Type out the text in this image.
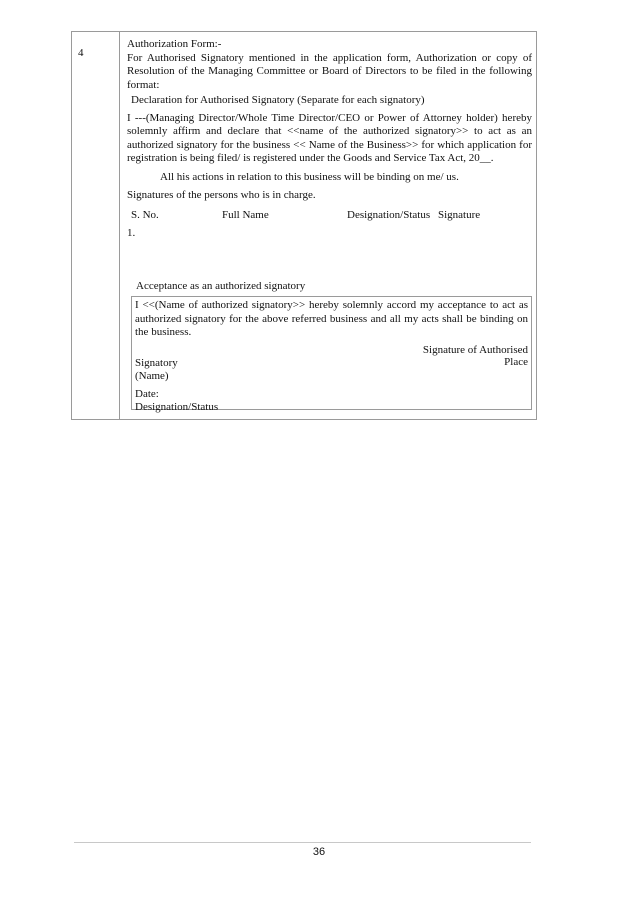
4

Authorization Form:-

For Authorised Signatory mentioned in the application form, Authorization or copy of Resolution of the Managing Committee or Board of Directors to be filed in the following format:

Declaration for Authorised Signatory (Separate for each signatory)

I ---(Managing Director/Whole Time Director/CEO or Power of Attorney holder) hereby solemnly affirm and declare that <<name of the authorized signatory>> to act as an authorized signatory for the business << Name of the Business>> for which application for registration is being filed/ is registered under the Goods and Service Tax Act, 20__.

All his actions in relation to this business will be binding on me/ us.

Signatures of the persons who is in charge.

S. No.	Full Name	Designation/Status Signature

1.

Acceptance as an authorized signatory

I <<(Name of authorized signatory>> hereby solemnly accord my acceptance to act as authorized signatory for the above referred business and all my acts shall be binding on the business.

Signature of Authorised
Signatory	Place

(Name)

Date:

Designation/Status

36
